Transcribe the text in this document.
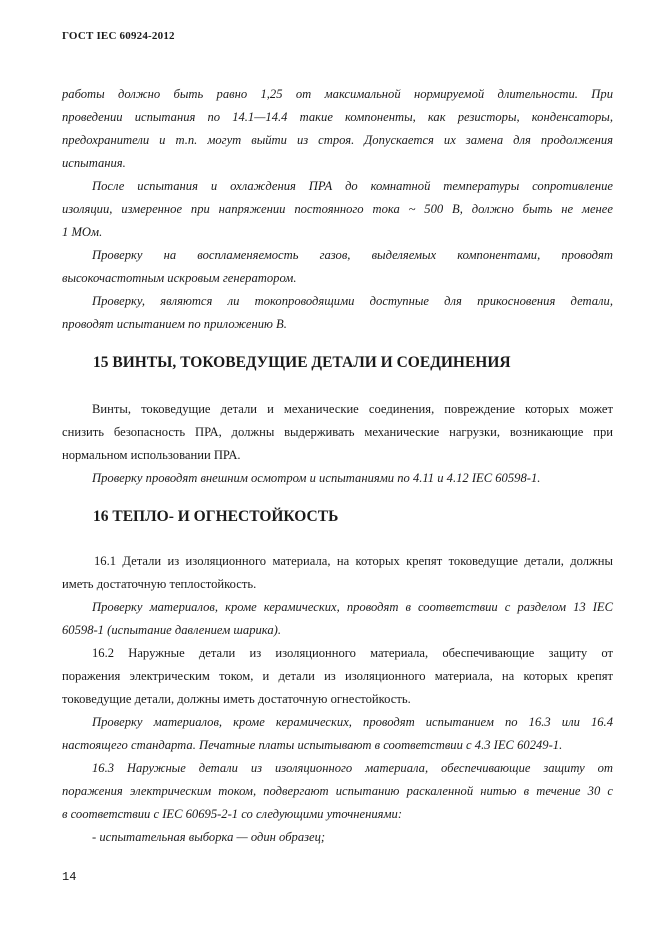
ГОСТ IEC 60924-2012
работы должно быть равно 1,25 от максимальной нормируемой длительности. При
проведении испытания по 14.1—14.4 такие компоненты, как резисторы, конденсаторы,
предохранители и т.п. могут выйти из строя. Допускается их замена для продолжения
испытания.
После испытания и охлаждения ПРА до комнатной температуры сопротивление
изоляции, измеренное при напряжении постоянного тока ~ 500 В, должно быть не менее
1 МОм.
Проверку на воспламеняемость газов, выделяемых компонентами, проводят
высокочастотным искровым генератором.
Проверку, являются ли токопроводящими доступные для прикосновения детали,
проводят испытанием по приложению В.
15 ВИНТЫ, ТОКОВЕДУЩИЕ ДЕТАЛИ И СОЕДИНЕНИЯ
Винты, токоведущие детали и механические соединения, повреждение которых может
снизить безопасность ПРА, должны выдерживать механические нагрузки, возникающие при
нормальном использовании ПРА.
Проверку проводят внешним осмотром и испытаниями по 4.11 и 4.12 IEC 60598-1.
16 ТЕПЛО- И ОГНЕСТОЙКОСТЬ
16.1 Детали из изоляционного материала, на которых крепят токоведущие детали, должны
иметь достаточную теплостойкость.
Проверку материалов, кроме керамических, проводят в соответствии с разделом 13 IEC
60598-1 (испытание давлением шарика).
16.2 Наружные детали из изоляционного материала, обеспечивающие защиту от
поражения электрическим током, и детали из изоляционного материала, на которых крепят
токоведущие детали, должны иметь достаточную огнестойкость.
Проверку материалов, кроме керамических, проводят испытанием по 16.3 или 16.4
настоящего стандарта. Печатные платы испытывают в соответствии с 4.3 IEC 60249-1.
16.3 Наружные детали из изоляционного материала, обеспечивающие защиту от
поражения электрическим током, подвергают испытанию раскаленной нитью в течение 30 с
в соответствии с IEC 60695-2-1 со следующими уточнениями:
- испытательная выборка — один образец;
14
